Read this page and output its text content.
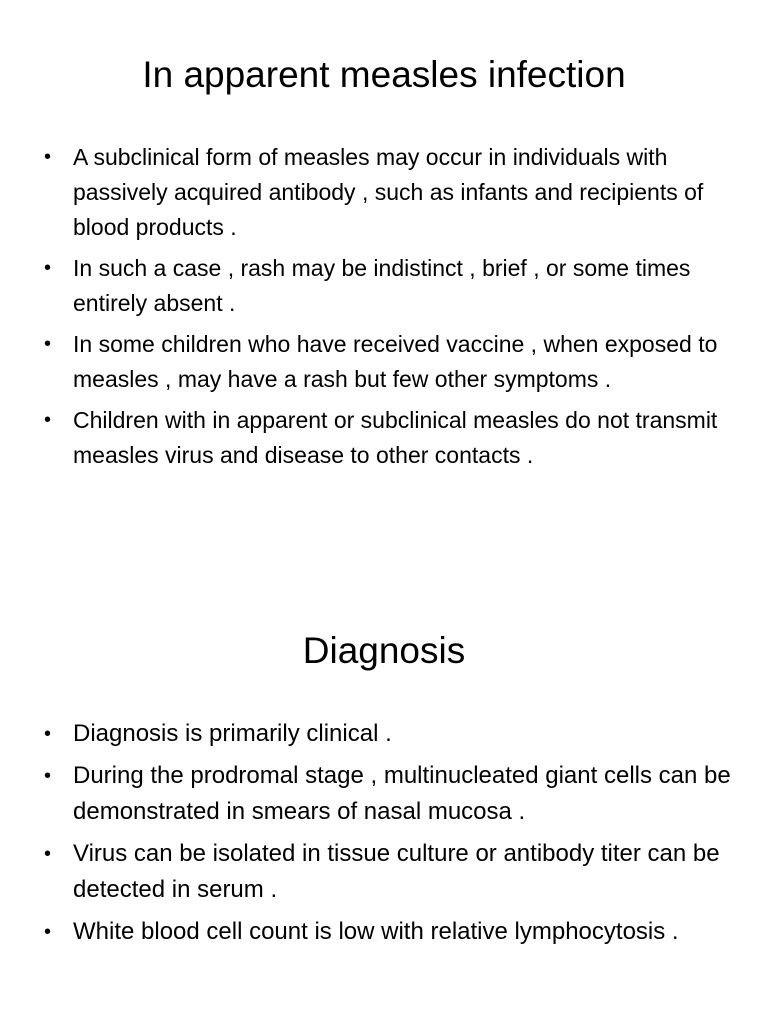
In apparent measles infection
• A subclinical form of measles may occur in individuals with passively acquired antibody , such as infants and recipients of blood products .
• In such a case , rash may be indistinct , brief , or some times entirely absent .
• In some children who have received vaccine , when exposed to measles , may have a rash but few other symptoms .
• Children with in apparent or subclinical measles do not transmit measles virus and disease to other contacts .
Diagnosis
• Diagnosis is primarily clinical .
• During the prodromal stage , multinucleated giant cells can be demonstrated in smears of nasal mucosa .
• Virus can be isolated in tissue culture or antibody titer can be detected in serum .
• White blood cell count is low with relative lymphocytosis .
